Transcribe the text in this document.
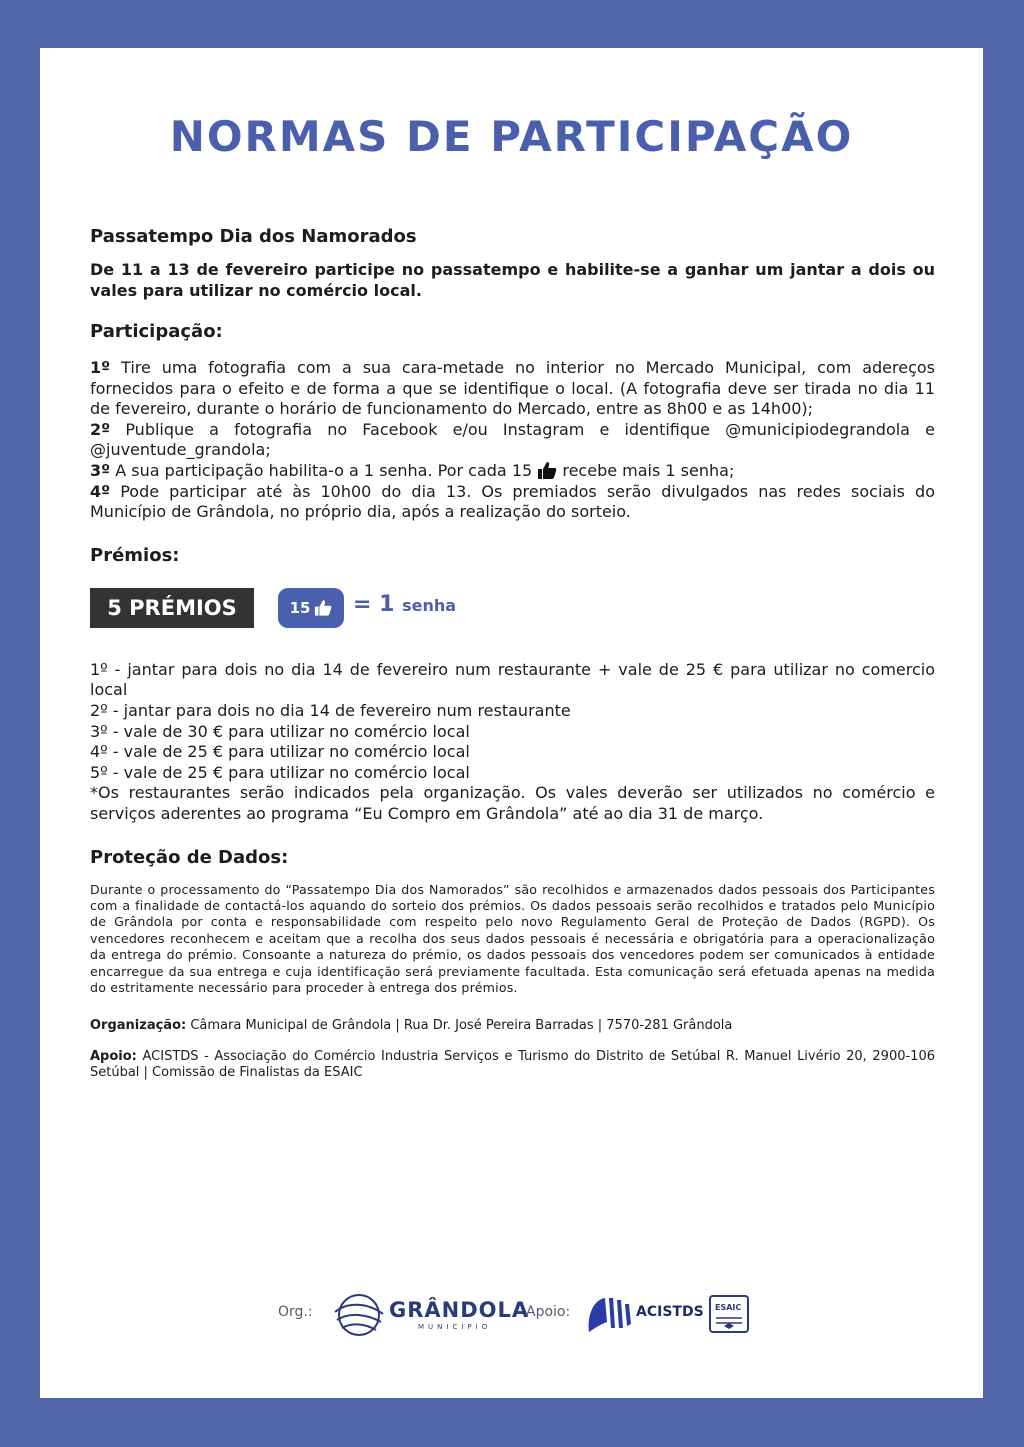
NORMAS DE PARTICIPAÇÃO

Passatempo Dia dos Namorados

De 11 a 13 de fevereiro participe no passatempo e habilite-se a ganhar um jantar a dois ou vales para utilizar no comércio local.

Participação:

1º Tire uma fotografia com a sua cara-metade no interior no Mercado Municipal, com adereços fornecidos para o efeito e de forma a que se identifique o local. (A fotografia deve ser tirada no dia 11 de fevereiro, durante o horário de funcionamento do Mercado, entre as 8h00 e as 14h00);

2º Publique a fotografia no Facebook e/ou Instagram e identifique @municipiodegrandola e @juventude_grandola;

3º A sua participação habilita-o a 1 senha. Por cada 15  recebe mais 1 senha;

4º Pode participar até às 10h00 do dia 13. Os premiados serão divulgados nas redes sociais do Município de Grândola, no próprio dia, após a realização do sorteio.

Prémios:

5 PRÉMIOS	15 = 1 senha

1º - jantar para dois no dia 14 de fevereiro num restaurante + vale de 25 € para utilizar no comercio local

2º - jantar para dois no dia 14 de fevereiro num restaurante

3º - vale de 30 € para utilizar no comércio local

4º - vale de 25 € para utilizar no comércio local

5º - vale de 25 € para utilizar no comércio local

*Os restaurantes serão indicados pela organização. Os vales deverão ser utilizados no comércio e serviços aderentes ao programa “Eu Compro em Grândola” até ao dia 31 de março.

Proteção de Dados:

Durante o processamento do “Passatempo Dia dos Namorados” são recolhidos e armazenados dados pessoais dos Participantes com a finalidade de contactá-los aquando do sorteio dos prémios. Os dados pessoais serão recolhidos e tratados pelo Município de Grândola por conta e responsabilidade com respeito pelo novo Regulamento Geral de Proteção de Dados (RGPD). Os vencedores reconhecem e aceitam que a recolha dos seus dados pessoais é necessária e obrigatória para a operacionalização da entrega do prémio. Consoante a natureza do prémio, os dados pessoais dos vencedores podem ser comunicados à entidade encarregue da sua entrega e cuja identificação será previamente facultada. Esta comunicação será efetuada apenas na medida do estritamente necessário para proceder à entrega dos prémios.

Organização: Câmara Municipal de Grândola | Rua Dr. José Pereira Barradas | 7570-281 Grândola

Apoio: ACISTDS - Associação do Comércio Industria Serviços e Turismo do Distrito de Setúbal R. Manuel Livério 20, 2900-106 Setúbal | Comissão de Finalistas da ESAIC

Org.:	GRÂNDOLA
MUNICÍPIO
Apoio:	ACISTDS ESAIC
